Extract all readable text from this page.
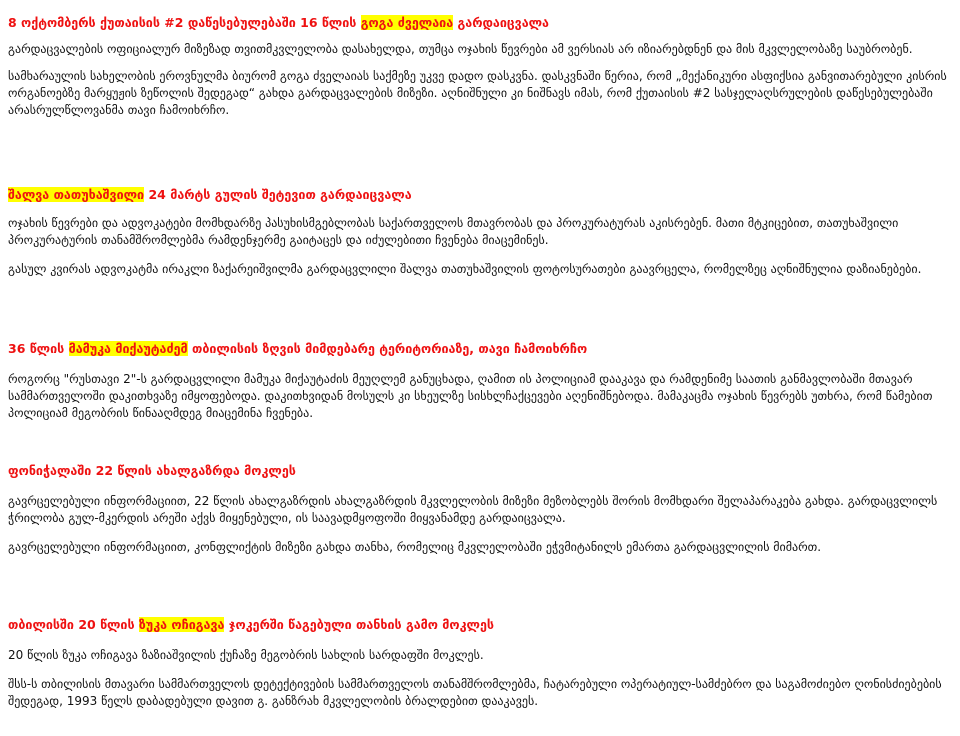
8 ოქტომბერს ქუთაისის #2 დაწესებულებაში 16 წლის გოგა ძველაია გარდაიცვალა

გარდაცვალების ოფიციალურ მიზეზად თვითმკვლელობა დასახელდა, თუმცა ოჯახის წევრები ამ ვერსიას არ იზიარებდნენ და მის მკვლელობაზე საუბრობენ.

სამხარაულის სახელობის ეროვნულმა ბიურომ გოგა ძველაიას საქმეზე უკვე დადო დასკვნა. დასკვნაში წერია, რომ „მექანიკური ასფიქსია განვითარებული კისრის ორგანოებზე მარყუჟის ზეწოლის შედეგად“ გახდა გარდაცვალების მიზეზი. აღნიშნული კი ნიშნავს იმას, რომ ქუთაისის #2 სასჯელაღსრულების დაწესებულებაში არასრულწლოვანმა თავი ჩამოიხრჩო.

შალვა თათუხაშვილი 24 მარტს გულის შეტევით გარდაიცვალა

ოჯახის წევრები და ადვოკატები მომხდარზე პასუხისმგებლობას საქართველოს მთავრობას და პროკურატურას აკისრებენ. მათი მტკიცებით, თათუხაშვილი პროკურატურის თანამშრომლებმა რამდენჯერმე გაიტაცეს და იძულებითი ჩვენება მიაცემინეს.

გასულ კვირას ადვოკატმა ირაკლი ზაქარეიშვილმა გარდაცვლილი შალვა თათუხაშვილის ფოტოსურათები გაავრცელა, რომელზეც აღნიშნულია დაზიანებები.

36 წლის მამუკა მიქაუტაძემ თბილისის ზღვის მიმდებარე ტერიტორიაზე, თავი ჩამოიხრჩო

როგორც "რუსთავი 2"-ს გარდაცვლილი მამუკა მიქაუტაძის მეუღლემ განუცხადა, ღამით ის პოლიციამ დააკავა და რამდენიმე საათის განმავლობაში მთავარ სამმართველოში დაკითხვაზე იმყოფებოდა. დაკითხვიდან მოსულს კი სხეულზე სისხლჩაქცევები აღენიშნებოდა. მამაკაცმა ოჯახის წევრებს უთხრა, რომ წამებით პოლიციამ მეგობრის წინააღმდეგ მიაცემინა ჩვენება.

ფონიჭალაში 22 წლის ახალგაზრდა მოკლეს

გავრცელებული ინფორმაციით, 22 წლის ახალგაზრდის ახალგაზრდის მკვლელობის მიზეზი მეზობლებს შორის მომხდარი შელაპარაკება გახდა. გარდაცვლილს ჭრილობა გულ-მკერდის არეში აქვს მიყენებული, ის საავადმყოფოში მიყვანამდე გარდაიცვალა.

გავრცელებული ინფორმაციით, კონფლიქტის მიზეზი გახდა თანხა, რომელიც მკვლელობაში ეჭვმიტანილს ემართა გარდაცვლილის მიმართ.

თბილისში 20 წლის ზუკა ოჩიგავა ჯოკერში წაგებული თანხის გამო მოკლეს

20 წლის ზუკა ოჩიგავა ზაზიაშვილის ქუჩაზე მეგობრის სახლის სარდაფში მოკლეს.

შსს-ს თბილისის მთავარი სამმართველოს დეტექტივების სამმართველოს თანამშრომლებმა, ჩატარებული ოპერატიულ-სამძებრო და საგამოძიებო ღონისძიებების შედეგად, 1993 წელს დაბადებული დავით გ. განზრახ მკვლელობის ბრალდებით დააკავეს.
